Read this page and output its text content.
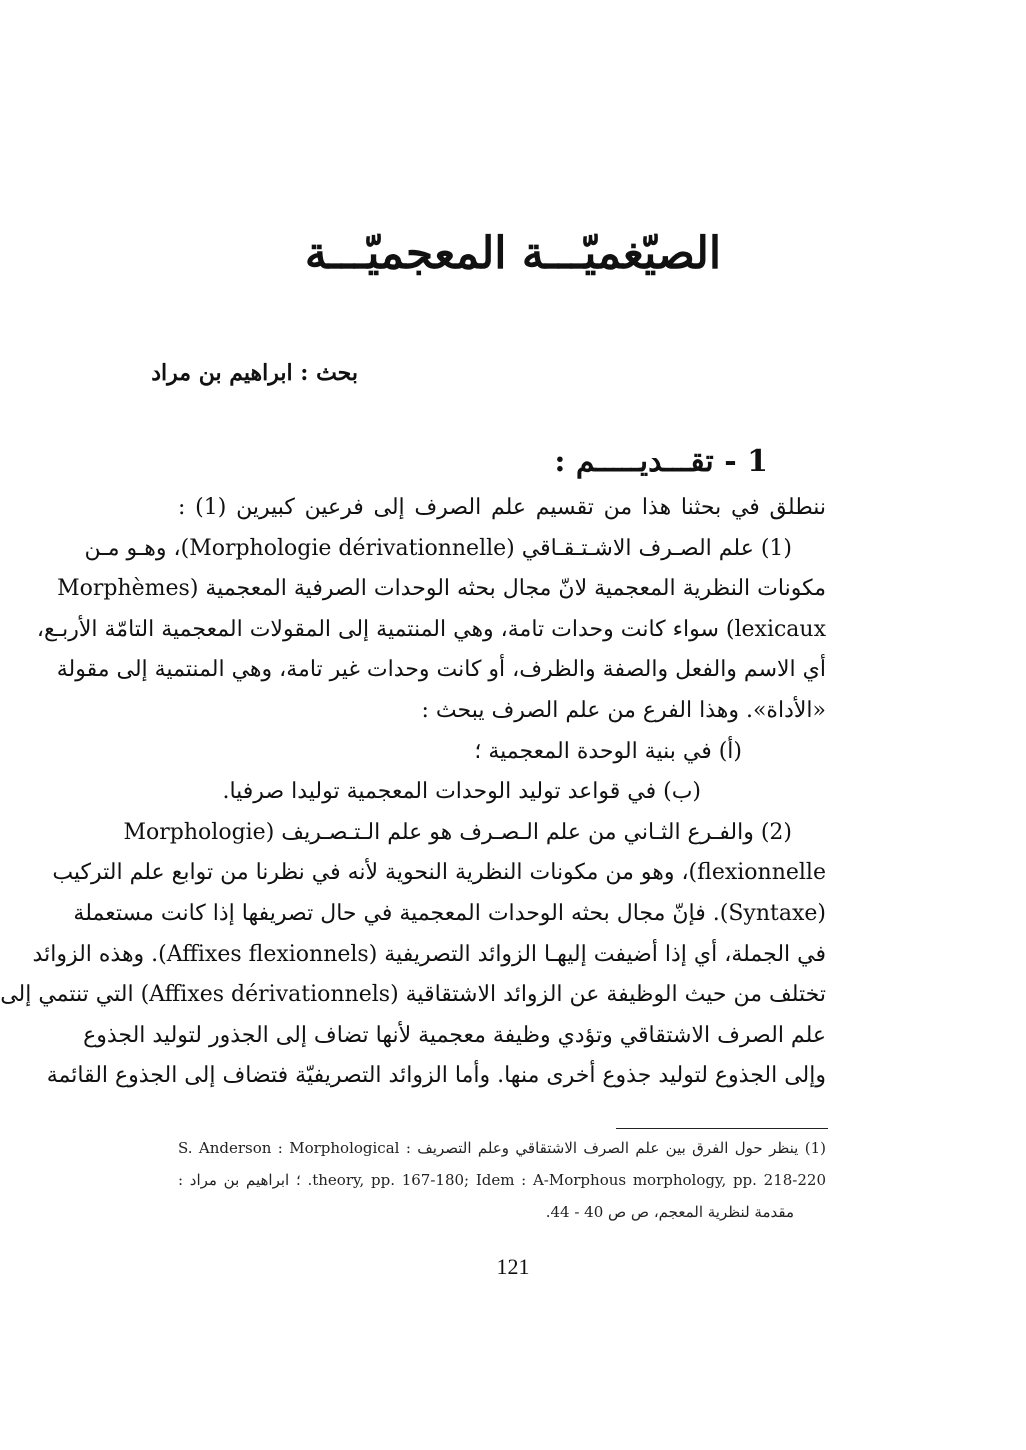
الصيّغميّـــة المعجميّـــة
بحث : ابراهيم بن مراد
1 - تقـــديـــــم :
ننطلق في بحثنا هذا من تقسيم علم الصرف إلى فرعين كبيرين (1) :
(1) علم الصـرف الاشـتـقـاقي (Morphologie dérivationnelle)، وهـو مـن
مكونات النظرية المعجمية لانّ مجال بحثه الوحدات الصرفية المعجمية (Morphèmes
lexicaux) سواء كانت وحدات تامة، وهي المنتمية إلى المقولات المعجمية التامّة الأربـع،
أي الاسم والفعل والصفة والظرف، أو كانت وحدات غير تامة، وهي المنتمية إلى مقولة
«الأداة». وهذا الفرع من علم الصرف يبحث :
(أ) في بنية الوحدة المعجمية ؛
(ب) في قواعد توليد الوحدات المعجمية توليدا صرفيا.
(2) والفـرع الثـاني من علم الـصـرف هو علم الـتـصـريف (Morphologie
flexionnelle)، وهو من مكونات النظرية النحوية لأنه في نظرنا من توابع علم التركيب
(Syntaxe). فإنّ مجال بحثه الوحدات المعجمية في حال تصريفها إذا كانت مستعملة
في الجملة، أي إذا أضيفت إليهـا الزوائد التصريفية (Affixes flexionnels). وهذه الزوائد
تختلف من حيث الوظيفة عن الزوائد الاشتقاقية (Affixes dérivationnels) التي تنتمي إلى
علم الصرف الاشتقاقي وتؤدي وظيفة معجمية لأنها تضاف إلى الجذور لتوليد الجذوع
وإلى الجذوع لتوليد جذوع أخرى منها. وأما الزوائد التصريفيّة فتضاف إلى الجذوع القائمة
(1) ينظر حول الفرق بين علم الصرف الاشتقاقي وعلم التصريف : S. Anderson : Morphological
theory, pp. 167-180; Idem : A-Morphous morphology, pp. 218-220. ؛ ابراهيم بن مراد :
مقدمة لنظرية المعجم، ص ص 40 - 44.
121
